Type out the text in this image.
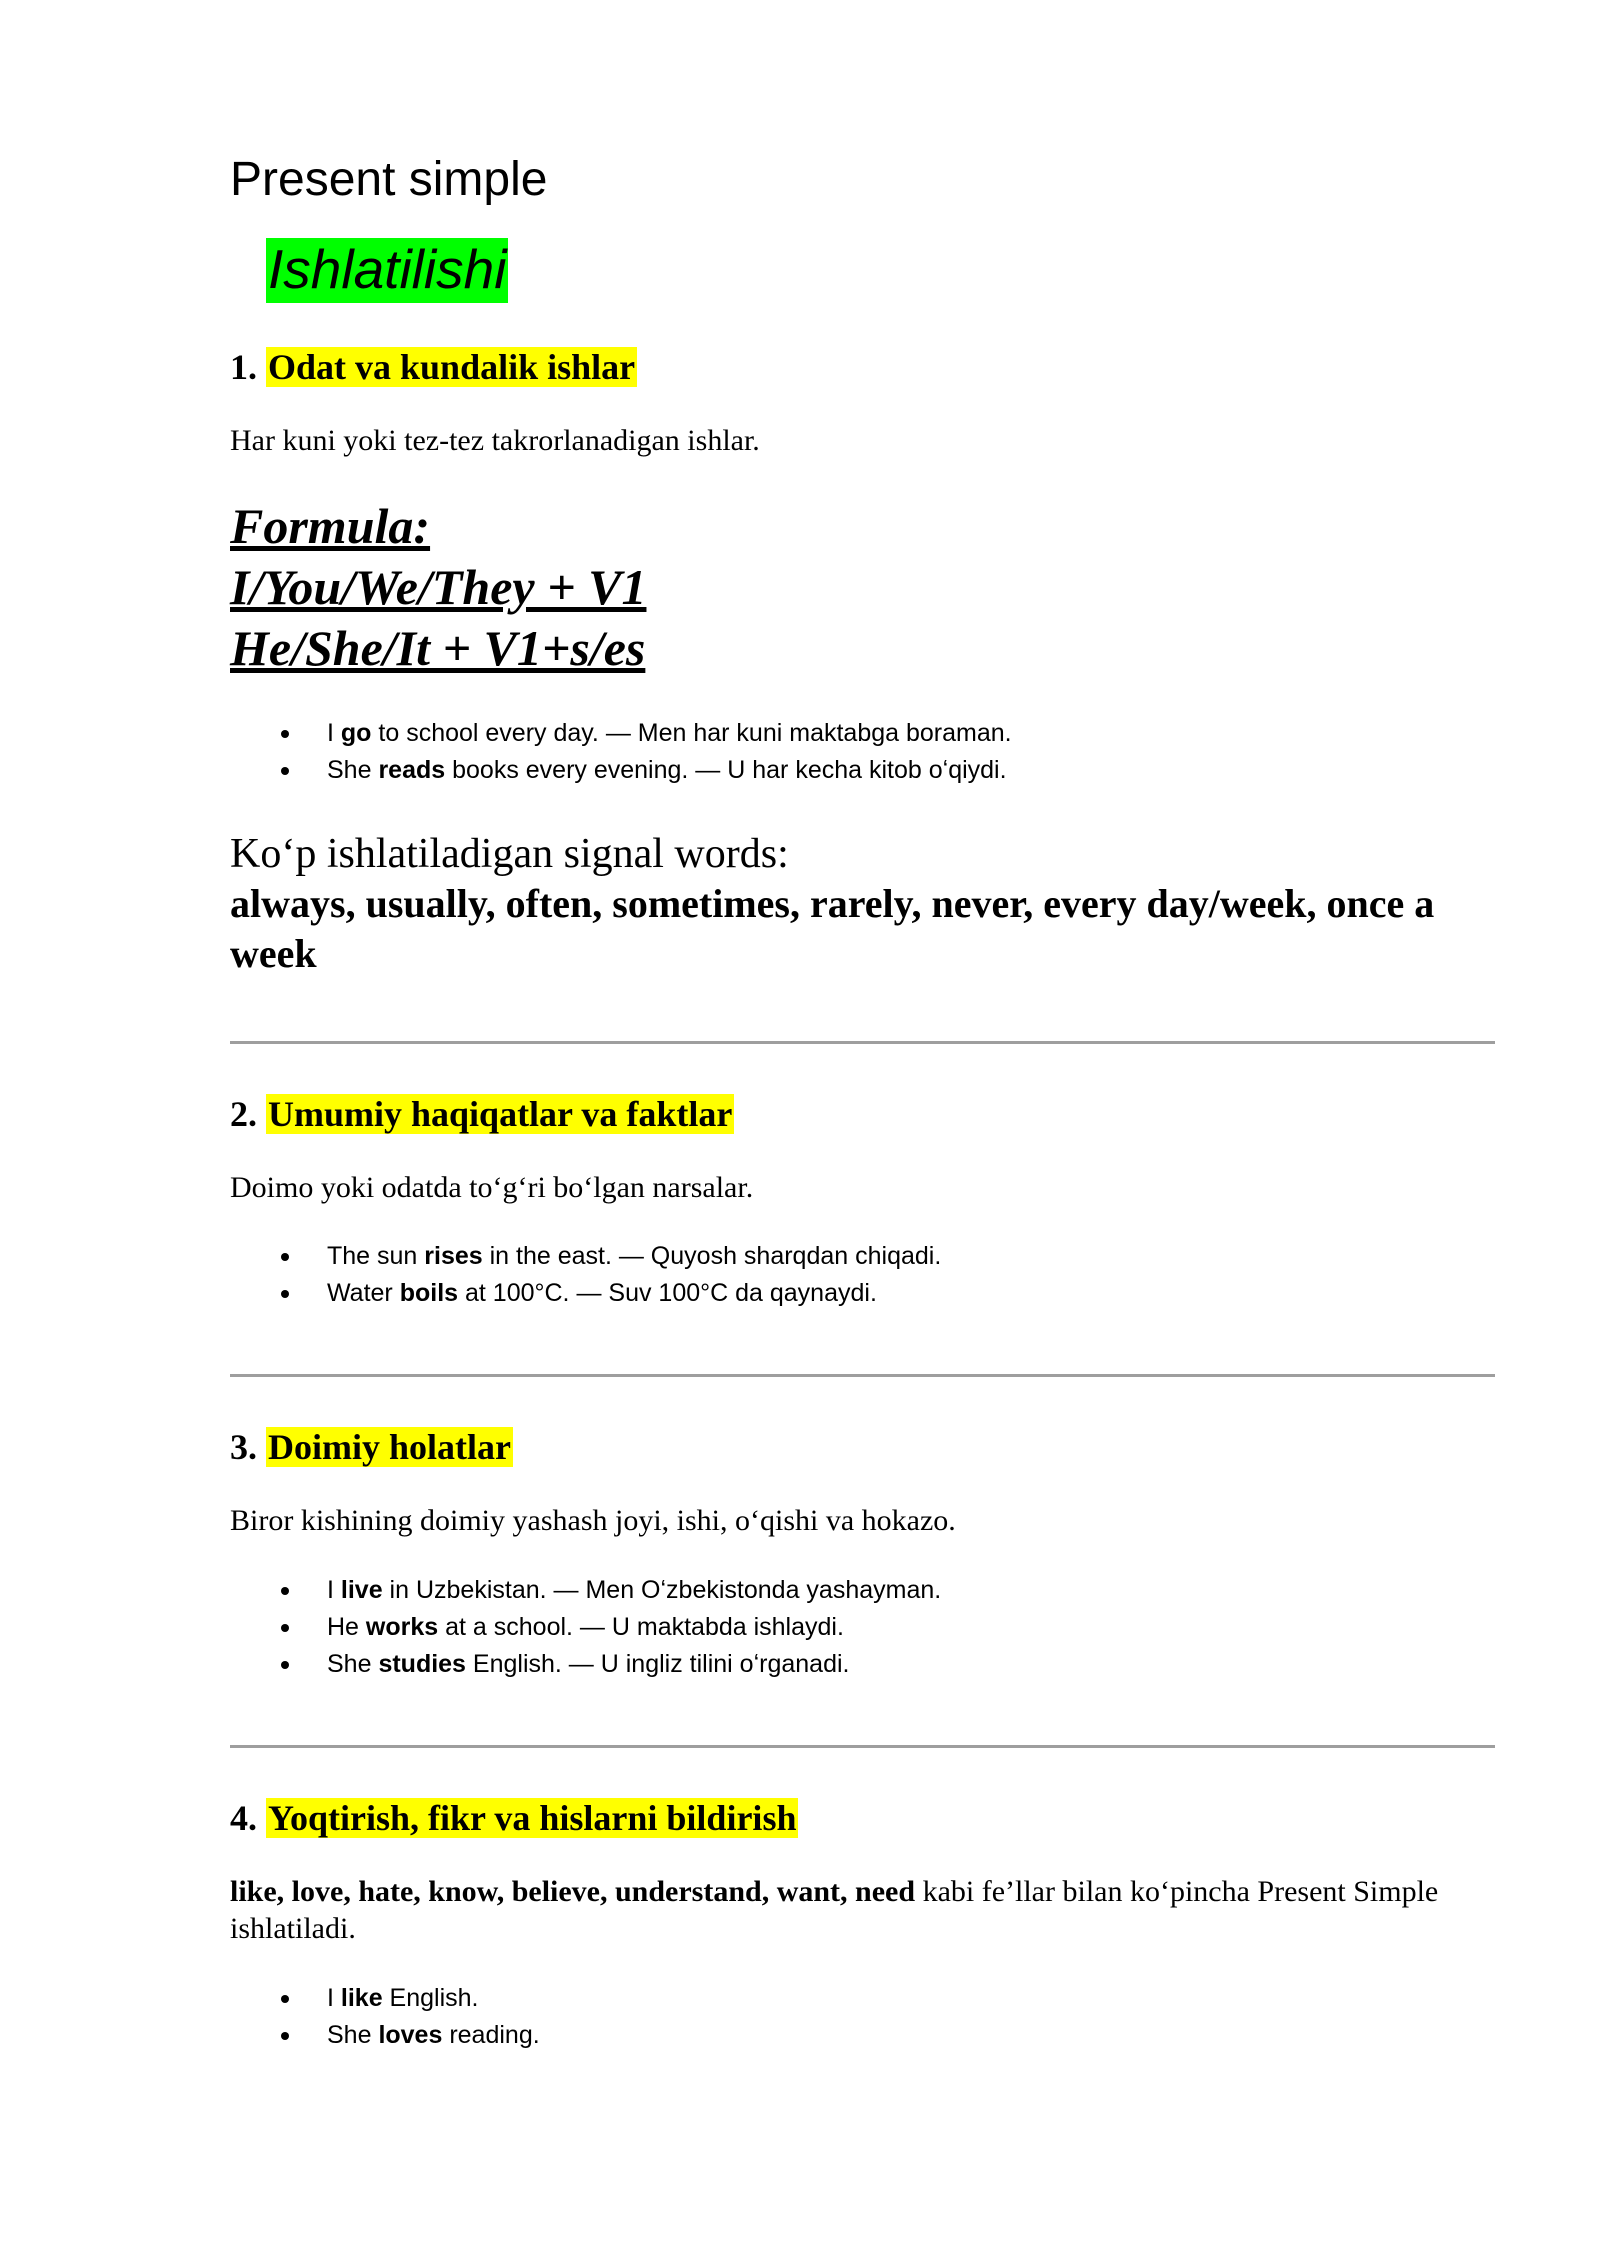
Present simple
Ishlatilishi
1. Odat va kundalik ishlar

Har kuni yoki tez-tez takrorlanadigan ishlar.

Formula:

I/You/We/They + V1

He/She/It + V1+s/es

I go to school every day. — Men har kuni maktabga boraman.
She reads books every evening. — U har kecha kitob oʻqiydi.

Koʻp ishlatiladigan signal words:

always, usually, often, sometimes, rarely, never, every day/week, once a week

2. Umumiy haqiqatlar va faktlar

Doimo yoki odatda toʻgʻri boʻlgan narsalar.

The sun rises in the east. — Quyosh sharqdan chiqadi.
Water boils at 100°C. — Suv 100°C da qaynaydi.
3. Doimiy holatlar

Biror kishining doimiy yashash joyi, ishi, oʻqishi va hokazo.

I live in Uzbekistan. — Men Oʻzbekistonda yashayman.
He works at a school. — U maktabda ishlaydi.
She studies English. — U ingliz tilini oʻrganadi.
4. Yoqtirish, fikr va hislarni bildirish

like, love, hate, know, believe, understand, want, need kabi fe’llar bilan koʻpincha Present Simple ishlatiladi.

I like English.
She loves reading.
